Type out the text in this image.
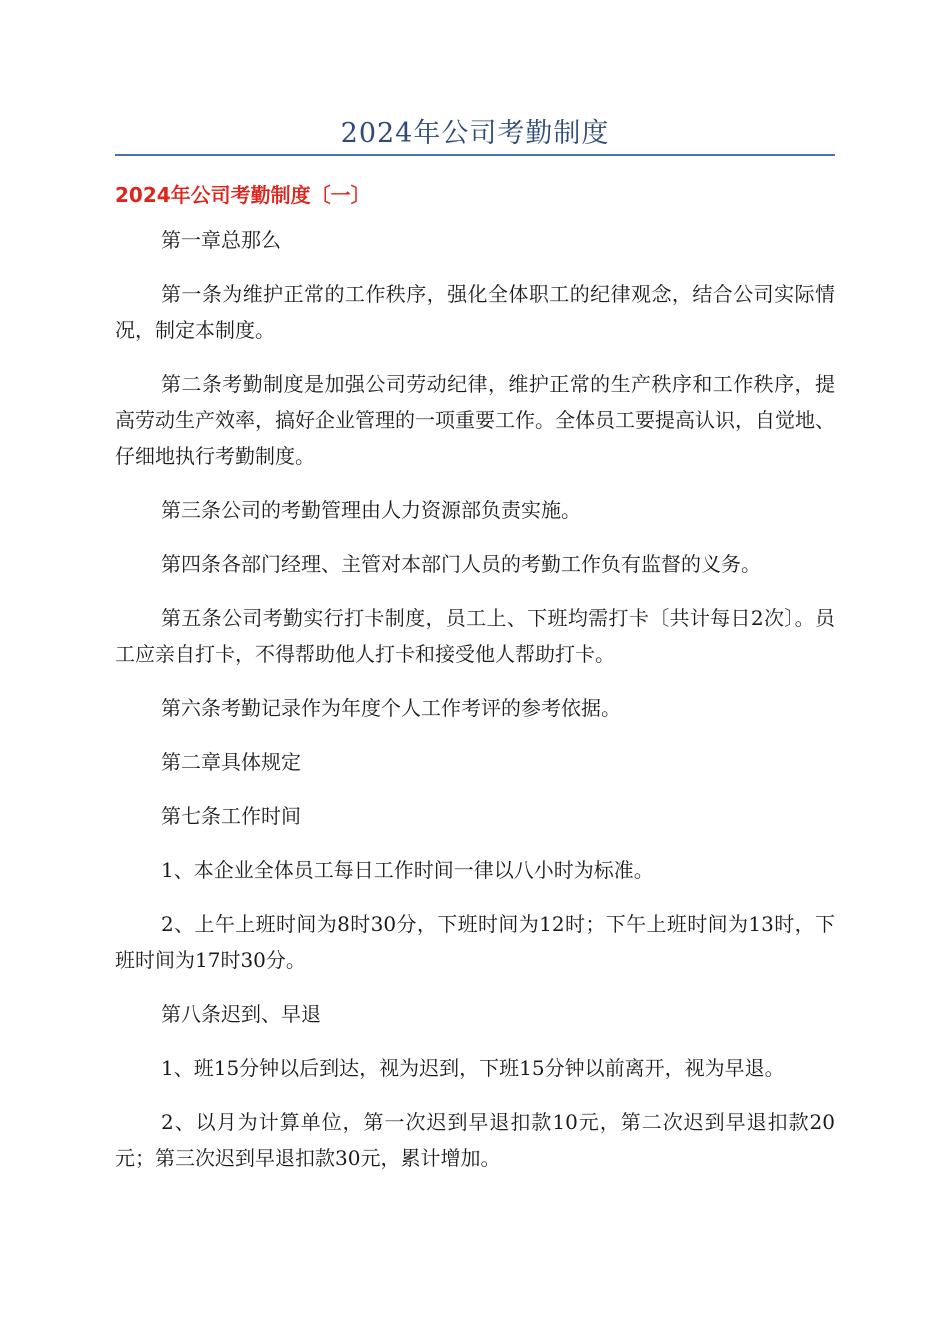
2024年公司考勤制度
2024年公司考勤制度〔一〕

第一章总那么

第一条为维护正常的工作秩序，强化全体职工的纪律观念，结合公司实际情况，制定本制度。

第二条考勤制度是加强公司劳动纪律，维护正常的生产秩序和工作秩序，提高劳动生产效率，搞好企业管理的一项重要工作。全体员工要提高认识，自觉地、仔细地执行考勤制度。

第三条公司的考勤管理由人力资源部负责实施。

第四条各部门经理、主管对本部门人员的考勤工作负有监督的义务。

第五条公司考勤实行打卡制度，员工上、下班均需打卡〔共计每日2次〕。员工应亲自打卡，不得帮助他人打卡和接受他人帮助打卡。

第六条考勤记录作为年度个人工作考评的参考依据。

第二章具体规定

第七条工作时间

1、本企业全体员工每日工作时间一律以八小时为标准。

2、上午上班时间为8时30分，下班时间为12时；下午上班时间为13时，下班时间为17时30分。

第八条迟到、早退

1、班15分钟以后到达，视为迟到，下班15分钟以前离开，视为早退。

2、以月为计算单位，第一次迟到早退扣款10元，第二次迟到早退扣款20元；第三次迟到早退扣款30元，累计增加。
